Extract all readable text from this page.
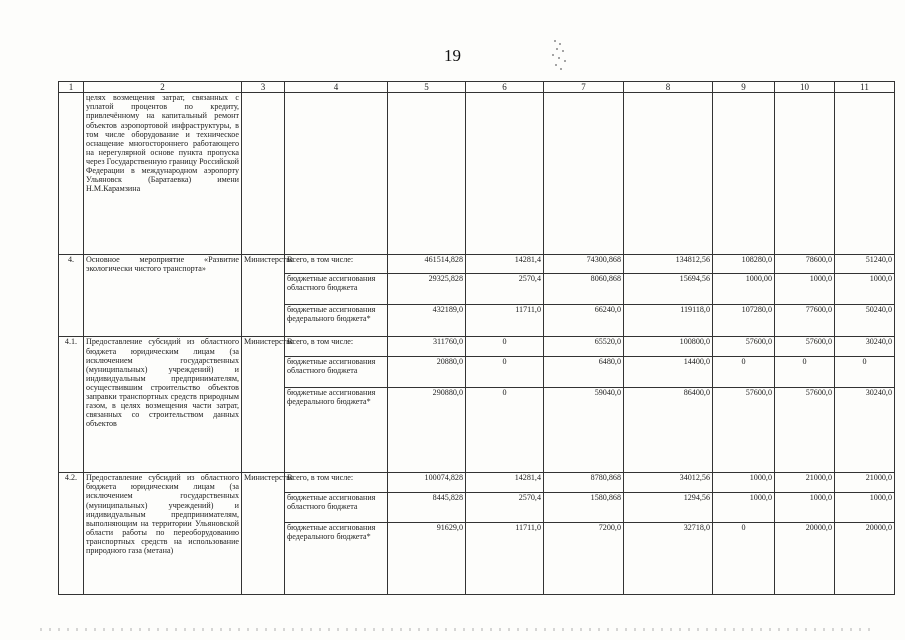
19
1	2	3	4	5	6	7	8	9	10	11
	целях возмещения затрат, связанных с уплатой процентов по кредиту, привлечённому на капитальный ремонт объектов аэропортовой инфраструктуры, в том числе оборудование и техническое оснащение многостороннего работающего на нерегулярной основе пункта пропуска через Государственную границу Российской Федерации в международном аэропорту Ульяновск (Баратаевка) имени Н.М.Карамзина									
4.	Основное мероприятие «Развитие экологически чистого транспорта»	Министерство	Всего, в том числе:	461514,828	14281,4	74300,868	134812,56	108280,0	78600,0	51240,0
			бюджетные ассигнования областного бюджета	29325,828	2570,4	8060,868	15694,56	1000,00	1000,0	1000,0
			бюджетные ассигнования федерального бюджета*	432189,0	11711,0	66240,0	119118,0	107280,0	77600,0	50240,0
4.1.	Предоставление субсидий из областного бюджета юридическим лицам (за исключением государственных (муниципальных) учреждений) и индивидуальным предпринимателям, осуществившим строительство объектов заправки транспортных средств природным газом, в целях возмещения части затрат, связанных со строительством данных объектов	Министерство	Всего, в том числе:	311760,0	0	65520,0	100800,0	57600,0	57600,0	30240,0
			бюджетные ассигнования областного бюджета	20880,0	0	6480,0	14400,0	0	0	0
			бюджетные ассигнования федерального бюджета*	290880,0	0	59040,0	86400,0	57600,0	57600,0	30240,0
4.2.	Предоставление субсидий из областного бюджета юридическим лицам (за исключением государственных (муниципальных) учреждений) и индивидуальным предпринимателям, выполняющим на территории Ульяновской области работы по переоборудованию транспортных средств на использование природного газа (метана)	Министерство	Всего, в том числе:	100074,828	14281,4	8780,868	34012,56	1000,0	21000,0	21000,0
			бюджетные ассигнования областного бюджета	8445,828	2570,4	1580,868	1294,56	1000,0	1000,0	1000,0
			бюджетные ассигнования федерального бюджета*	91629,0	11711,0	7200,0	32718,0	0	20000,0	20000,0
